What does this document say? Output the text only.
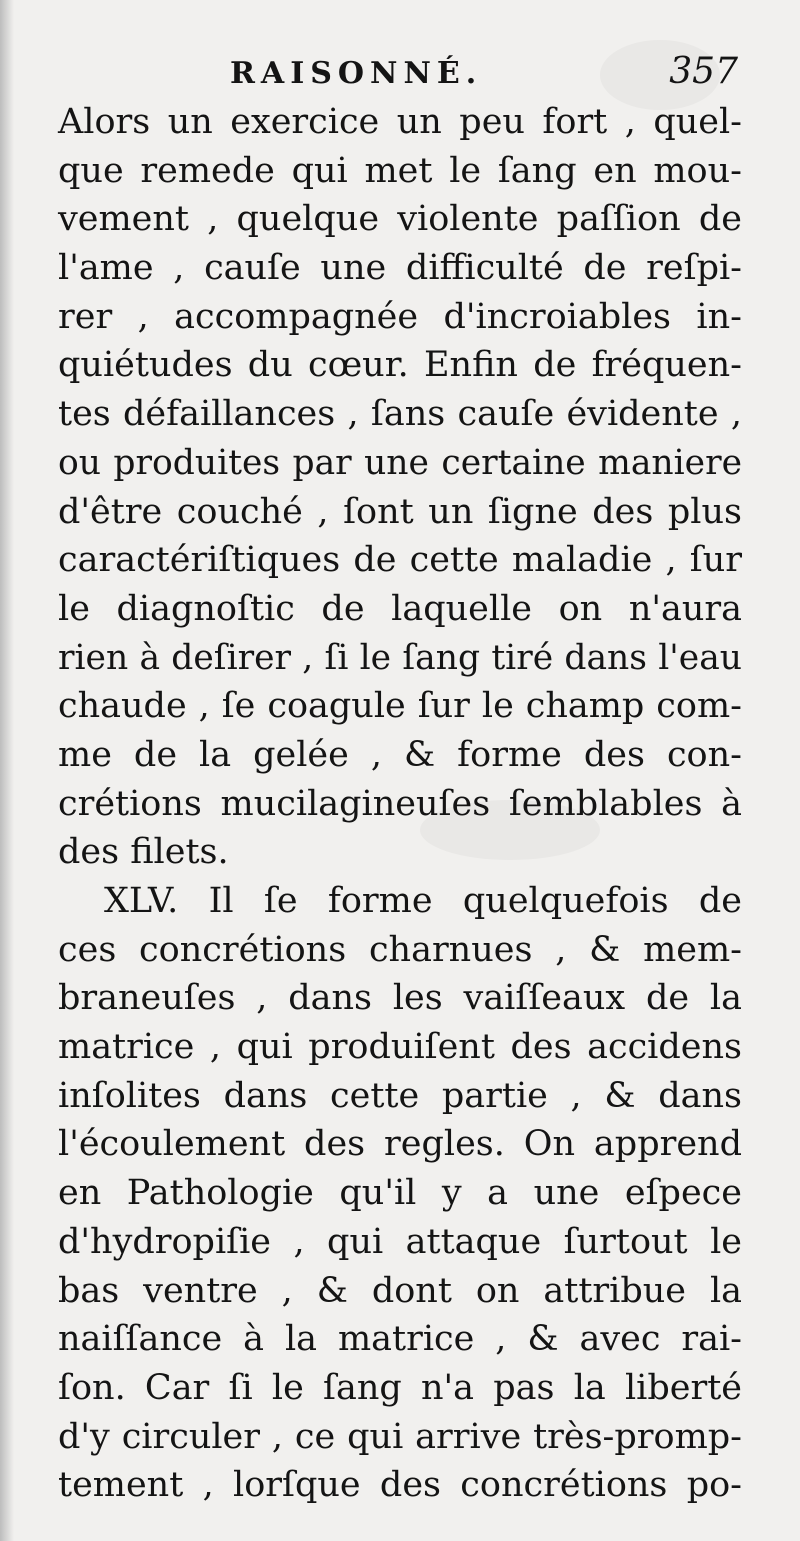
RAISONNÉ.	357
Alors un exercice un peu fort , quel-
que remede qui met le ſang en mou-
vement , quelque violente paſſion de
l'ame , cauſe une difficulté de reſpi-
rer , accompagnée d'incroiables in-
quiétudes du cœur. Enfin de fréquen-
tes défaillances , ſans cauſe évidente ,
ou produites par une certaine maniere
d'être couché , ſont un ſigne des plus
caractériſtiques de cette maladie , ſur
le diagnoſtic de laquelle on n'aura
rien à deſirer , ſi le ſang tiré dans l'eau
chaude , ſe coagule ſur le champ com-
me de la gelée , & forme des con-
crétions mucilagineuſes ſemblables à
des filets.
XLV. Il ſe forme quelquefois de
ces concrétions charnues , & mem-
braneuſes , dans les vaiſſeaux de la
matrice , qui produiſent des accidens
inſolites dans cette partie , & dans
l'écoulement des regles. On apprend
en Pathologie qu'il y a une eſpece
d'hydropiſie , qui attaque ſurtout le
bas ventre , & dont on attribue la
naiſſance à la matrice , & avec rai-
ſon. Car ſi le ſang n'a pas la liberté
d'y circuler , ce qui arrive très-promp-
tement , lorſque des concrétions po-
